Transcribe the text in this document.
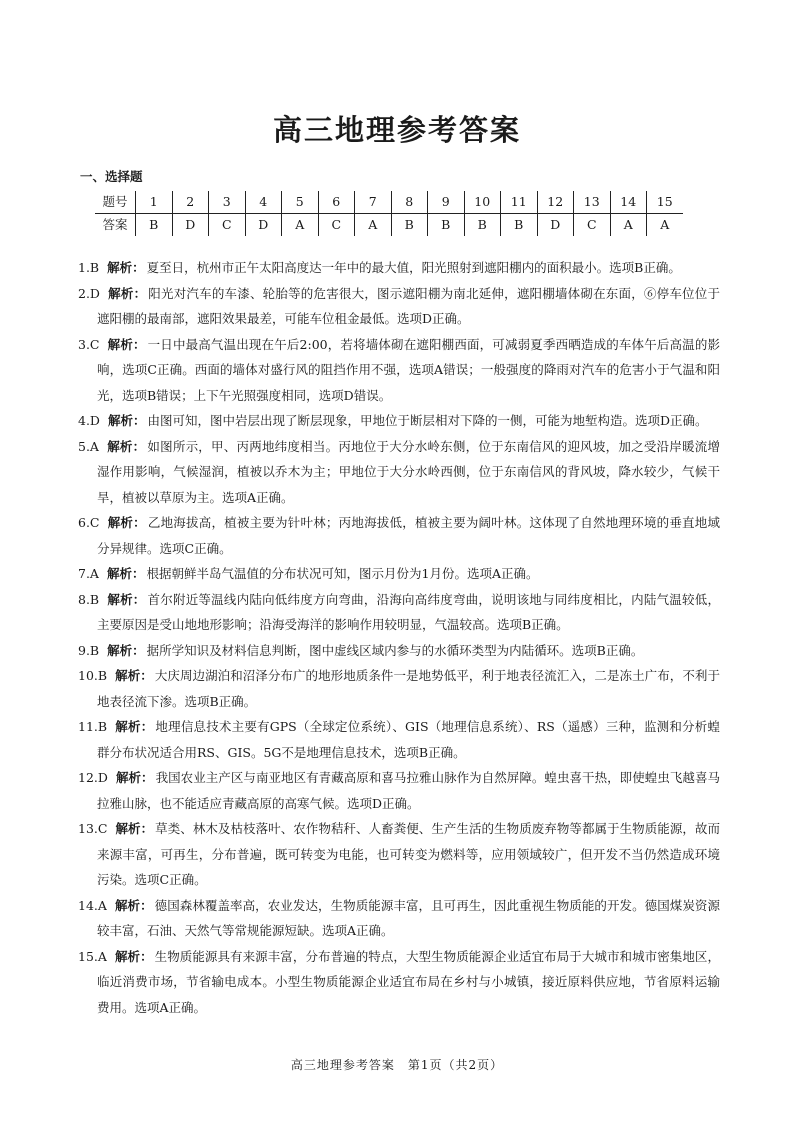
高三地理参考答案
一、选择题
题号	1	2	3	4	5	6	7	8	9	10	11	12	13	14	15
答案	B	D	C	D	A	C	A	B	B	B	B	D	C	A	A
1.B 解析： 夏至日，杭州市正午太阳高度达一年中的最大值，阳光照射到遮阳棚内的面积最小。选项B正确。
2.D 解析： 阳光对汽车的车漆、轮胎等的危害很大，图示遮阳棚为南北延伸，遮阳棚墙体砌在东面，⑥停车位位于遮阳棚的最南部，遮阳效果最差，可能车位租金最低。选项D正确。
3.C 解析： 一日中最高气温出现在午后2:00，若将墙体砌在遮阳棚西面，可减弱夏季西晒造成的车体午后高温的影响，选项C正确。西面的墙体对盛行风的阻挡作用不强，选项A错误；一般强度的降雨对汽车的危害小于气温和阳光，选项B错误；上下午光照强度相同，选项D错误。
4.D 解析： 由图可知，图中岩层出现了断层现象，甲地位于断层相对下降的一侧，可能为地堑构造。选项D正确。
5.A 解析： 如图所示，甲、丙两地纬度相当。丙地位于大分水岭东侧，位于东南信风的迎风坡，加之受沿岸暖流增湿作用影响，气候湿润，植被以乔木为主；甲地位于大分水岭西侧，位于东南信风的背风坡，降水较少，气候干旱，植被以草原为主。选项A正确。
6.C 解析： 乙地海拔高，植被主要为针叶林；丙地海拔低，植被主要为阔叶林。这体现了自然地理环境的垂直地域分异规律。选项C正确。
7.A 解析： 根据朝鲜半岛气温值的分布状况可知，图示月份为1月份。选项A正确。
8.B 解析： 首尔附近等温线内陆向低纬度方向弯曲，沿海向高纬度弯曲，说明该地与同纬度相比，内陆气温较低，主要原因是受山地地形影响；沿海受海洋的影响作用较明显，气温较高。选项B正确。
9.B 解析： 据所学知识及材料信息判断，图中虚线区域内参与的水循环类型为内陆循环。选项B正确。
10.B 解析： 大庆周边湖泊和沼泽分布广的地形地质条件一是地势低平，利于地表径流汇入，二是冻土广布，不利于地表径流下渗。选项B正确。
11.B 解析： 地理信息技术主要有GPS（全球定位系统）、GIS（地理信息系统）、RS（遥感）三种，监测和分析蝗群分布状况适合用RS、GIS。5G不是地理信息技术，选项B正确。
12.D 解析： 我国农业主产区与南亚地区有青藏高原和喜马拉雅山脉作为自然屏障。蝗虫喜干热，即使蝗虫飞越喜马拉雅山脉，也不能适应青藏高原的高寒气候。选项D正确。
13.C 解析： 草类、林木及枯枝落叶、农作物秸秆、人畜粪便、生产生活的生物质废弃物等都属于生物质能源，故而来源丰富，可再生，分布普遍，既可转变为电能，也可转变为燃料等，应用领域较广，但开发不当仍然造成环境污染。选项C正确。
14.A 解析： 德国森林覆盖率高，农业发达，生物质能源丰富，且可再生，因此重视生物质能的开发。德国煤炭资源较丰富，石油、天然气等常规能源短缺。选项A正确。
15.A 解析： 生物质能源具有来源丰富，分布普遍的特点，大型生物质能源企业适宜布局于大城市和城市密集地区，临近消费市场，节省输电成本。小型生物质能源企业适宜布局在乡村与小城镇，接近原料供应地，节省原料运输费用。选项A正确。
高三地理参考答案　第1页（共2页）
